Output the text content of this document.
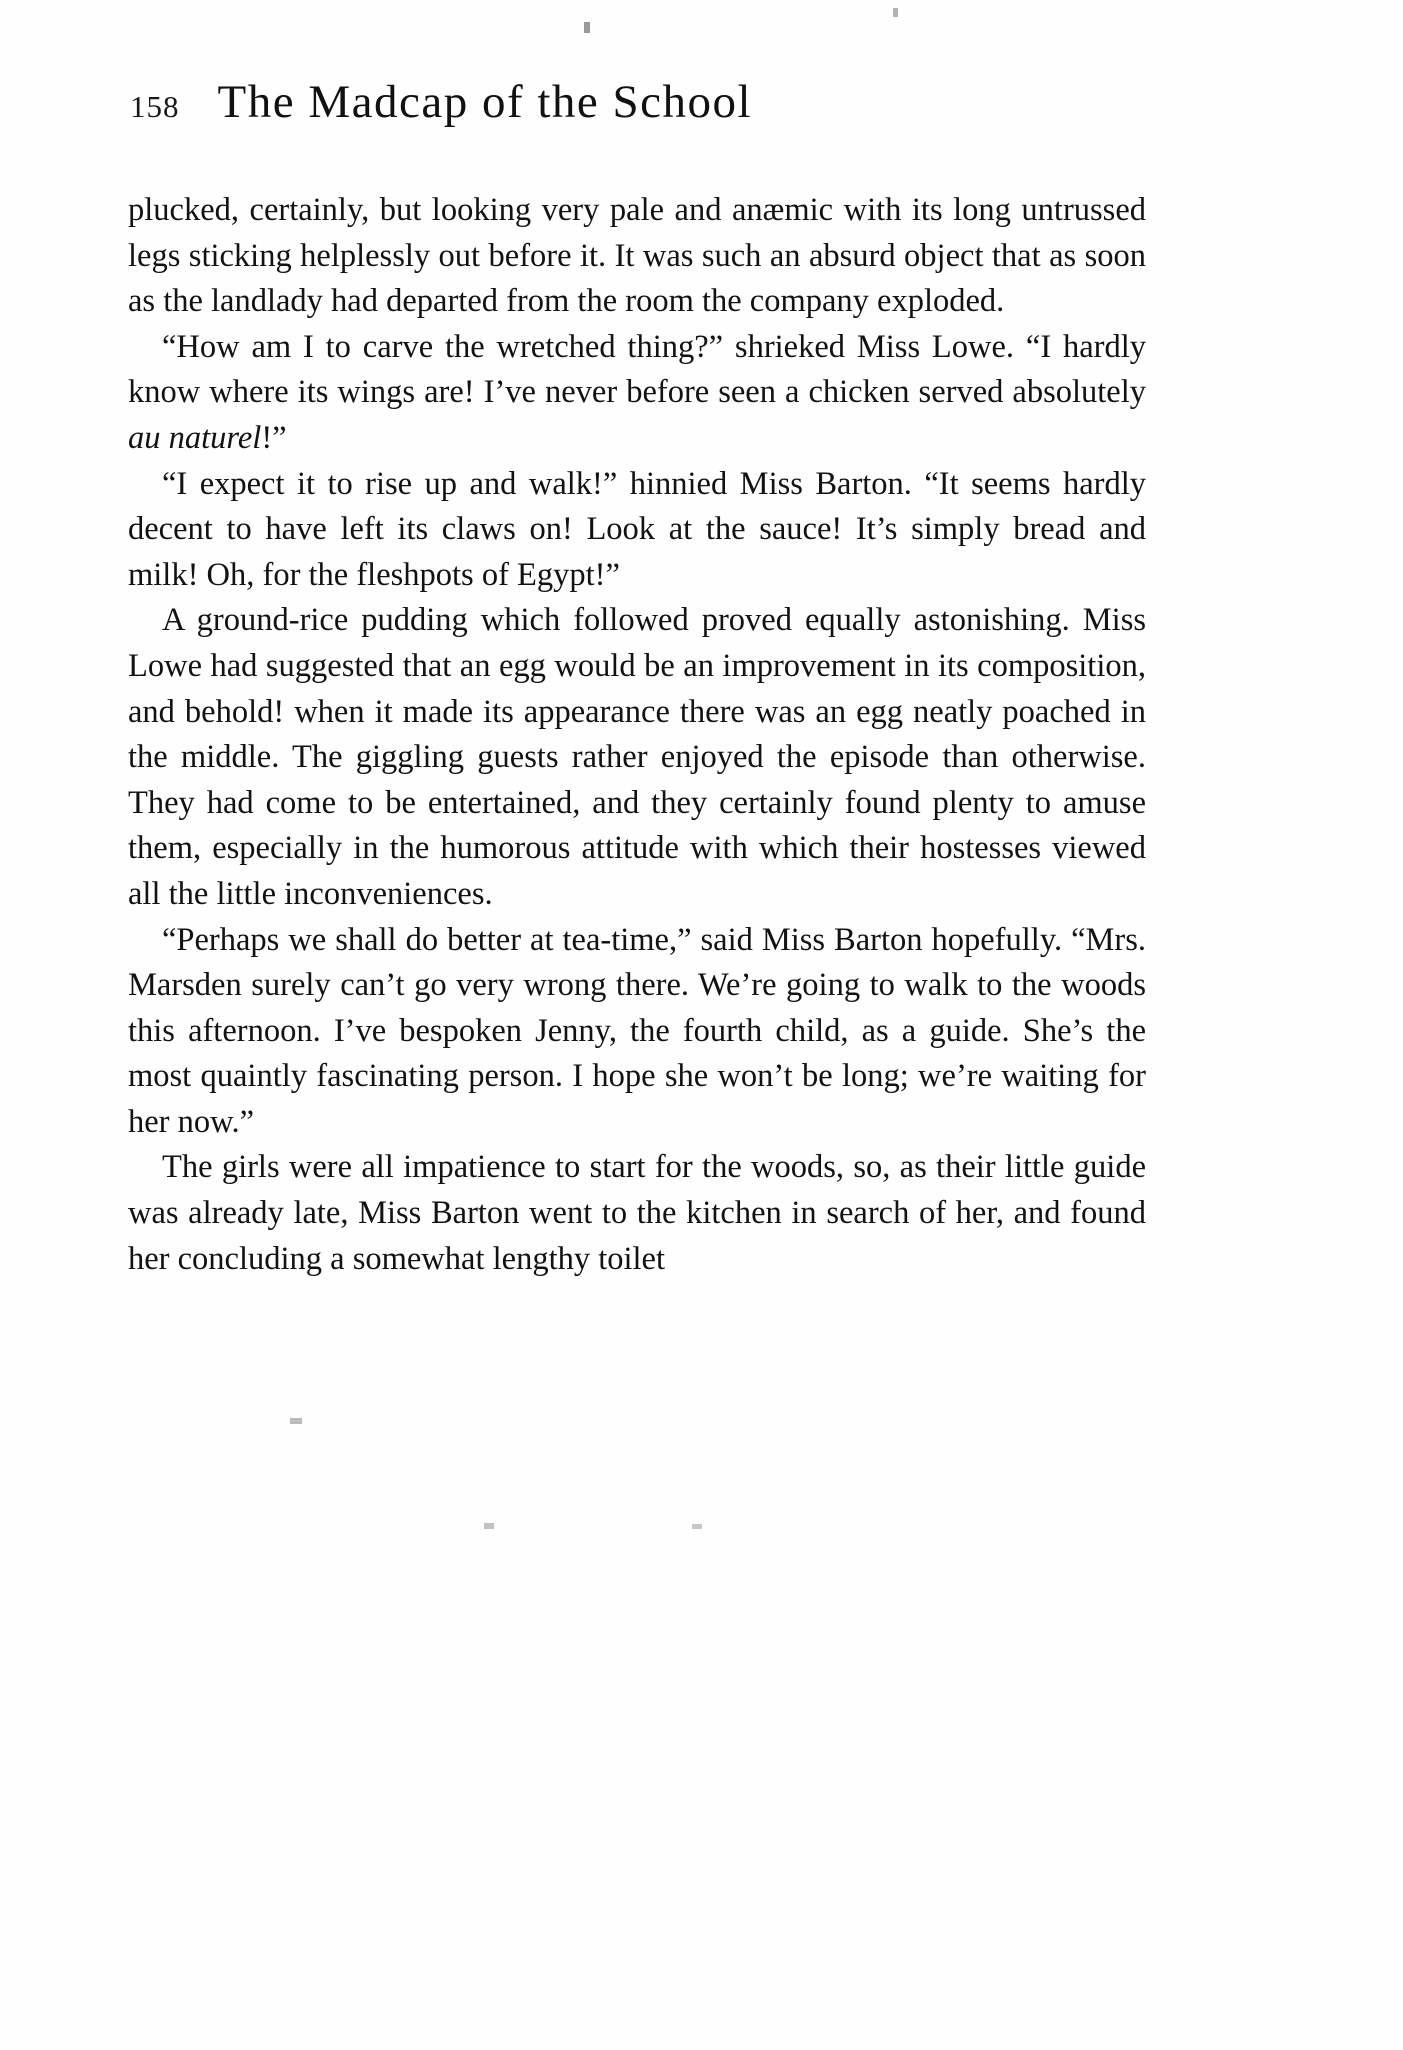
158 The Madcap of the School

plucked, certainly, but looking very pale and anæmic with its long untrussed legs sticking helplessly out before it. It was such an absurd object that as soon as the landlady had departed from the room the company exploded.

“How am I to carve the wretched thing?” shrieked Miss Lowe. “I hardly know where its wings are! I’ve never before seen a chicken served absolutely au naturel!”

“I expect it to rise up and walk!” hinnied Miss Barton. “It seems hardly decent to have left its claws on! Look at the sauce! It’s simply bread and milk! Oh, for the fleshpots of Egypt!”

A ground-rice pudding which followed proved equally astonishing. Miss Lowe had suggested that an egg would be an improvement in its composition, and behold! when it made its appearance there was an egg neatly poached in the middle. The giggling guests rather enjoyed the episode than otherwise. They had come to be entertained, and they certainly found plenty to amuse them, especially in the humorous attitude with which their hostesses viewed all the little inconveniences.

“Perhaps we shall do better at tea-time,” said Miss Barton hopefully. “Mrs. Marsden surely can’t go very wrong there. We’re going to walk to the woods this afternoon. I’ve bespoken Jenny, the fourth child, as a guide. She’s the most quaintly fascinating person. I hope she won’t be long; we’re waiting for her now.”

The girls were all impatience to start for the woods, so, as their little guide was already late, Miss Barton went to the kitchen in search of her, and found her concluding a somewhat lengthy toilet
